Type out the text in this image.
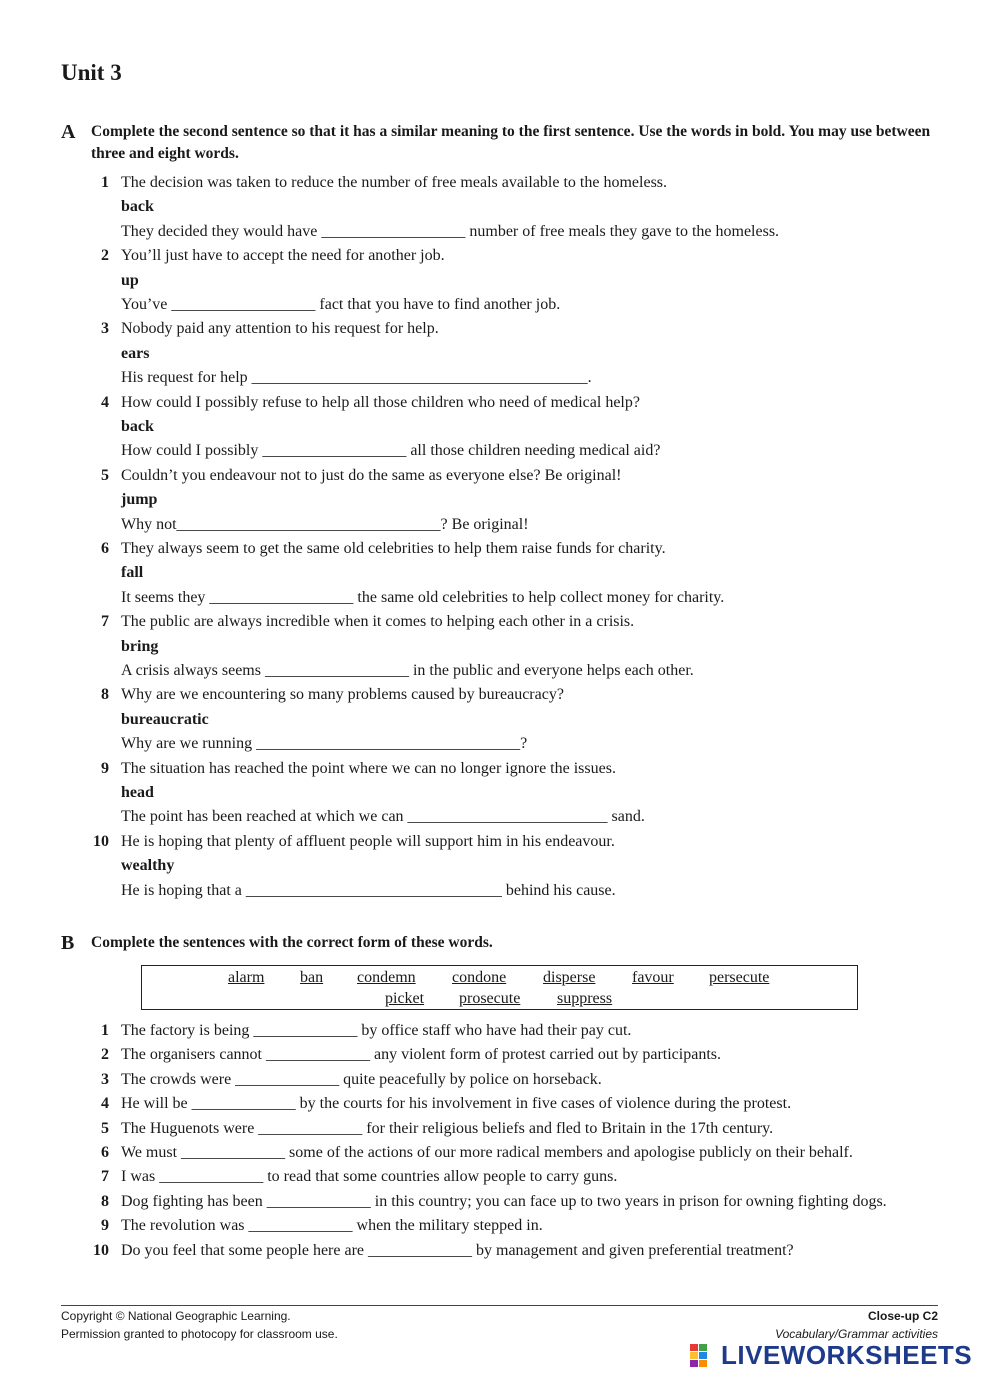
Unit 3
A Complete the second sentence so that it has a similar meaning to the first sentence. Use the words in bold. You may use between three and eight words.
1 The decision was taken to reduce the number of free meals available to the homeless.
back
They decided they would have __________________ number of free meals they gave to the homeless.
2 You’ll just have to accept the need for another job.
up
You’ve __________________ fact that you have to find another job.
3 Nobody paid any attention to his request for help.
ears
His request for help __________________________________________.
4 How could I possibly refuse to help all those children who need of medical help?
back
How could I possibly __________________ all those children needing medical aid?
5 Couldn’t you endeavour not to just do the same as everyone else? Be original!
jump
Why not_________________________________? Be original!
6 They always seem to get the same old celebrities to help them raise funds for charity.
fall
It seems they __________________ the same old celebrities to help collect money for charity.
7 The public are always incredible when it comes to helping each other in a crisis.
bring
A crisis always seems __________________ in the public and everyone helps each other.
8 Why are we encountering so many problems caused by bureaucracy?
bureaucratic
Why are we running _________________________________?
9 The situation has reached the point where we can no longer ignore the issues.
head
The point has been reached at which we can _________________________ sand.
10 He is hoping that plenty of affluent people will support him in his endeavour.
wealthy
He is hoping that a ________________________________ behind his cause.
B Complete the sentences with the correct form of these words.
alarm ban condemn condone disperse favour persecute
picket prosecute suppress
1 The factory is being _____________ by office staff who have had their pay cut.
2 The organisers cannot _____________ any violent form of protest carried out by participants.
3 The crowds were _____________ quite peacefully by police on horseback.
4 He will be _____________ by the courts for his involvement in five cases of violence during the protest.
5 The Huguenots were _____________ for their religious beliefs and fled to Britain in the 17th century.
6 We must _____________ some of the actions of our more radical members and apologise publicly on their behalf.
7 I was _____________ to read that some countries allow people to carry guns.
8 Dog fighting has been _____________ in this country; you can face up to two years in prison for owning fighting dogs.
9 The revolution was _____________ when the military stepped in.
10 Do you feel that some people here are _____________ by management and given preferential treatment?
Copyright © National Geographic Learning.
Permission granted to photocopy for classroom use.
Close-up C2
Vocabulary/Grammar activities
LIVEWORKSHEETS
